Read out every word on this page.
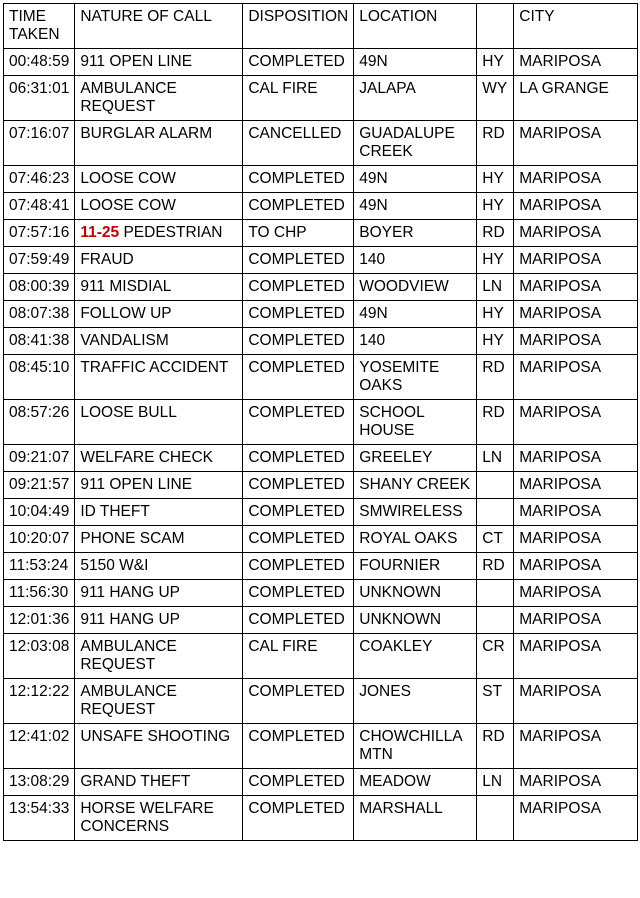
TIME TAKEN	NATURE OF CALL	DISPOSITION	LOCATION		CITY
00:48:59	911 OPEN LINE	COMPLETED	49N	HY	MARIPOSA
06:31:01	AMBULANCE REQUEST	CAL FIRE	JALAPA	WY	LA GRANGE
07:16:07	BURGLAR ALARM	CANCELLED	GUADALUPE CREEK	RD	MARIPOSA
07:46:23	LOOSE COW	COMPLETED	49N	HY	MARIPOSA
07:48:41	LOOSE COW	COMPLETED	49N	HY	MARIPOSA
07:57:16	11-25 PEDESTRIAN	TO CHP	BOYER	RD	MARIPOSA
07:59:49	FRAUD	COMPLETED	140	HY	MARIPOSA
08:00:39	911 MISDIAL	COMPLETED	WOODVIEW	LN	MARIPOSA
08:07:38	FOLLOW UP	COMPLETED	49N	HY	MARIPOSA
08:41:38	VANDALISM	COMPLETED	140	HY	MARIPOSA
08:45:10	TRAFFIC ACCIDENT	COMPLETED	YOSEMITE OAKS	RD	MARIPOSA
08:57:26	LOOSE BULL	COMPLETED	SCHOOL HOUSE	RD	MARIPOSA
09:21:07	WELFARE CHECK	COMPLETED	GREELEY	LN	MARIPOSA
09:21:57	911 OPEN LINE	COMPLETED	SHANY CREEK		MARIPOSA
10:04:49	ID THEFT	COMPLETED	SMWIRELESS		MARIPOSA
10:20:07	PHONE SCAM	COMPLETED	ROYAL OAKS	CT	MARIPOSA
11:53:24	5150 W&I	COMPLETED	FOURNIER	RD	MARIPOSA
11:56:30	911 HANG UP	COMPLETED	UNKNOWN		MARIPOSA
12:01:36	911 HANG UP	COMPLETED	UNKNOWN		MARIPOSA
12:03:08	AMBULANCE REQUEST	CAL FIRE	COAKLEY	CR	MARIPOSA
12:12:22	AMBULANCE REQUEST	COMPLETED	JONES	ST	MARIPOSA
12:41:02	UNSAFE SHOOTING	COMPLETED	CHOWCHILLA MTN	RD	MARIPOSA
13:08:29	GRAND THEFT	COMPLETED	MEADOW	LN	MARIPOSA
13:54:33	HORSE WELFARE CONCERNS	COMPLETED	MARSHALL		MARIPOSA
